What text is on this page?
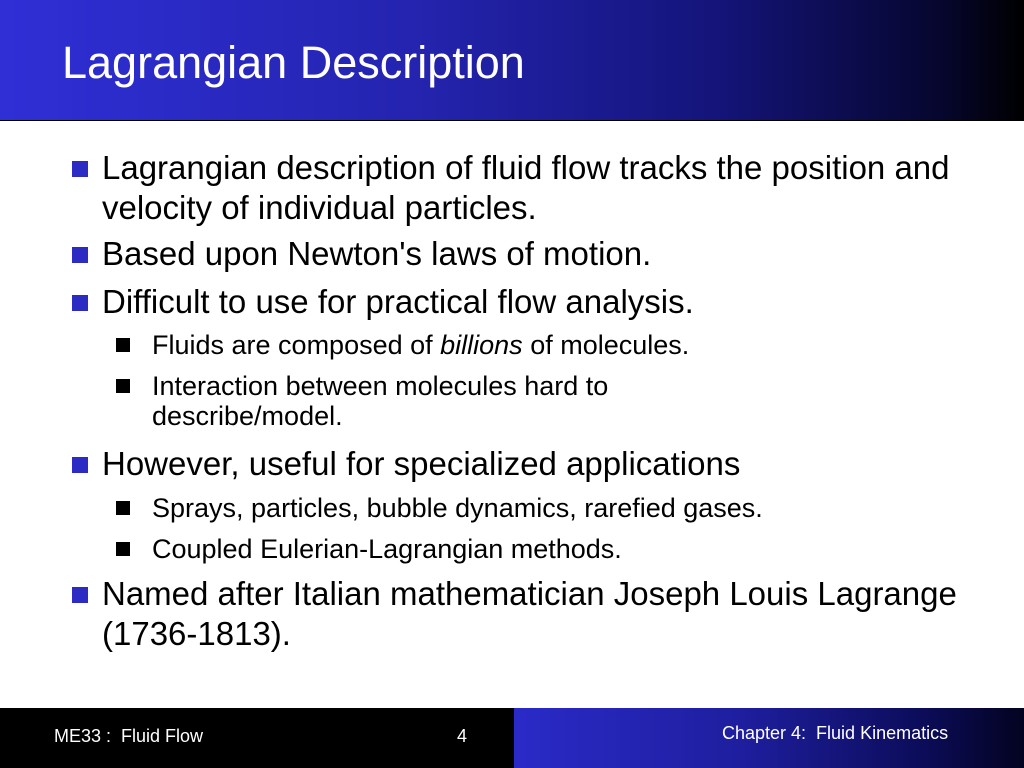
Lagrangian Description
Lagrangian description of fluid flow tracks the position and velocity of individual particles.
Based upon Newton's laws of motion.
Difficult to use for practical flow analysis.
Fluids are composed of billions of molecules.
Interaction between molecules hard to describe/model.
However, useful for specialized applications
Sprays, particles, bubble dynamics, rarefied gases.
Coupled Eulerian-Lagrangian methods.
Named after Italian mathematician Joseph Louis Lagrange (1736-1813).
ME33 :  Fluid Flow	4	Chapter 4:  Fluid Kinematics
